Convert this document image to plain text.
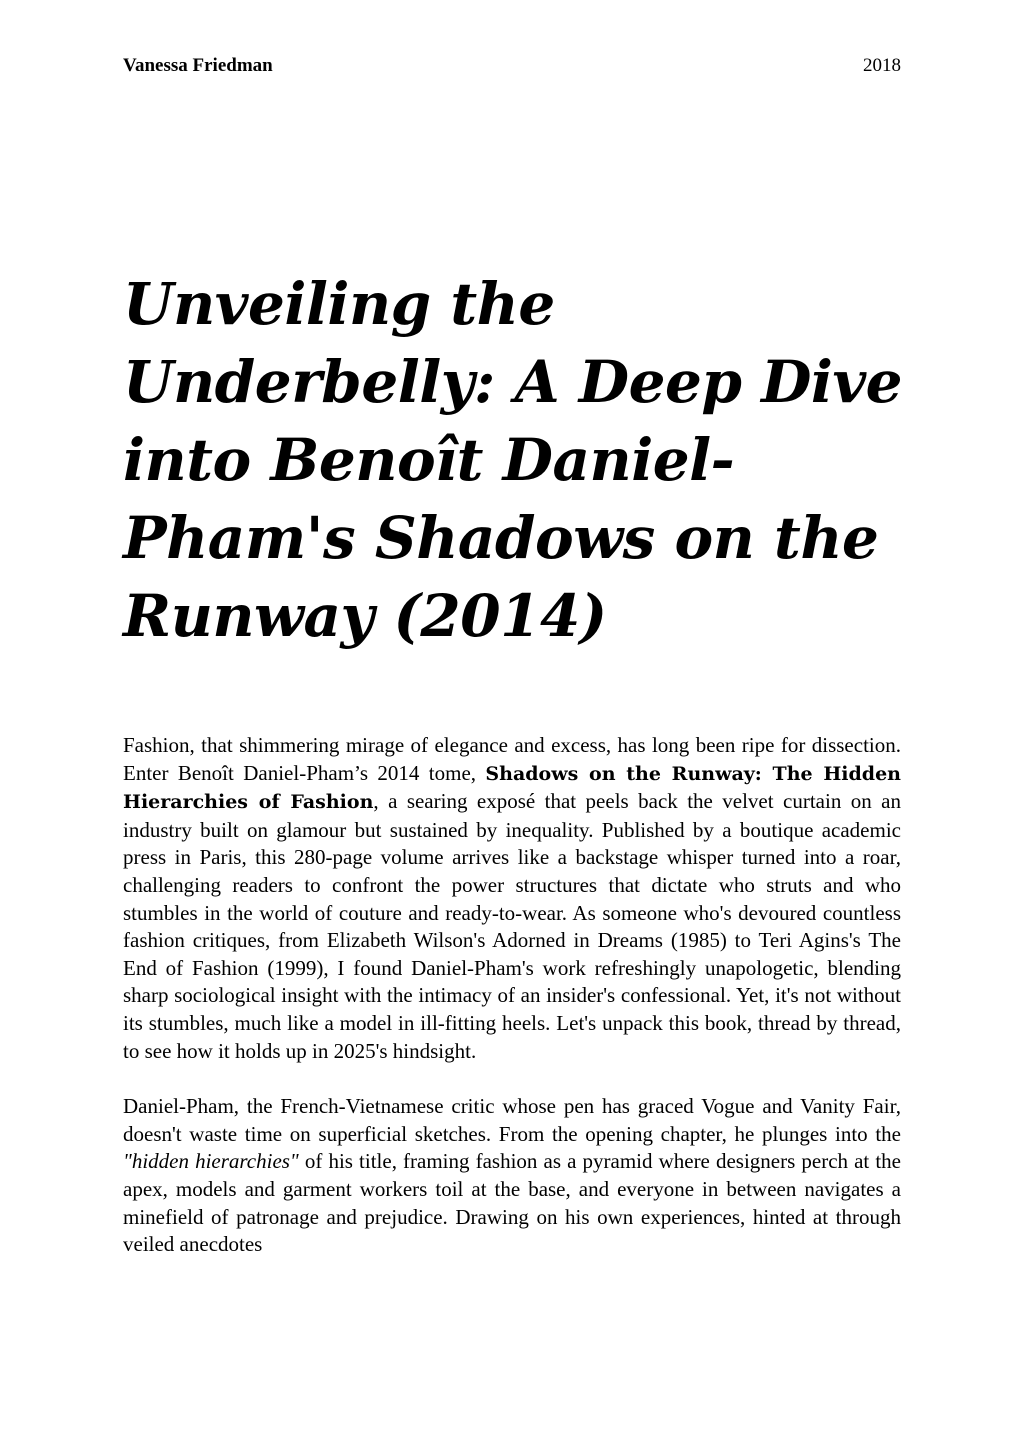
Vanessa Friedman	2018
Unveiling the Underbelly: A Deep Dive into Benoît Daniel-Pham's Shadows on the Runway (2014)

Fashion, that shimmering mirage of elegance and excess, has long been ripe for dissection. Enter Benoît Daniel-Pham’s 2014 tome, Shadows on the Runway: The Hidden Hierarchies of Fashion, a searing exposé that peels back the velvet curtain on an industry built on glamour but sustained by inequality. Published by a boutique academic press in Paris, this 280-page volume arrives like a backstage whisper turned into a roar, challenging readers to confront the power structures that dictate who struts and who stumbles in the world of couture and ready-to-wear. As someone who's devoured countless fashion critiques, from Elizabeth Wilson's Adorned in Dreams (1985) to Teri Agins's The End of Fashion (1999), I found Daniel-Pham's work refreshingly unapologetic, blending sharp sociological insight with the intimacy of an insider's confessional. Yet, it's not without its stumbles, much like a model in ill-fitting heels. Let's unpack this book, thread by thread, to see how it holds up in 2025's hindsight.

Daniel-Pham, the French-Vietnamese critic whose pen has graced Vogue and Vanity Fair, doesn't waste time on superficial sketches. From the opening chapter, he plunges into the "hidden hierarchies" of his title, framing fashion as a pyramid where designers perch at the apex, models and garment workers toil at the base, and everyone in between navigates a minefield of patronage and prejudice. Drawing on his own experiences, hinted at through veiled anecdotes
